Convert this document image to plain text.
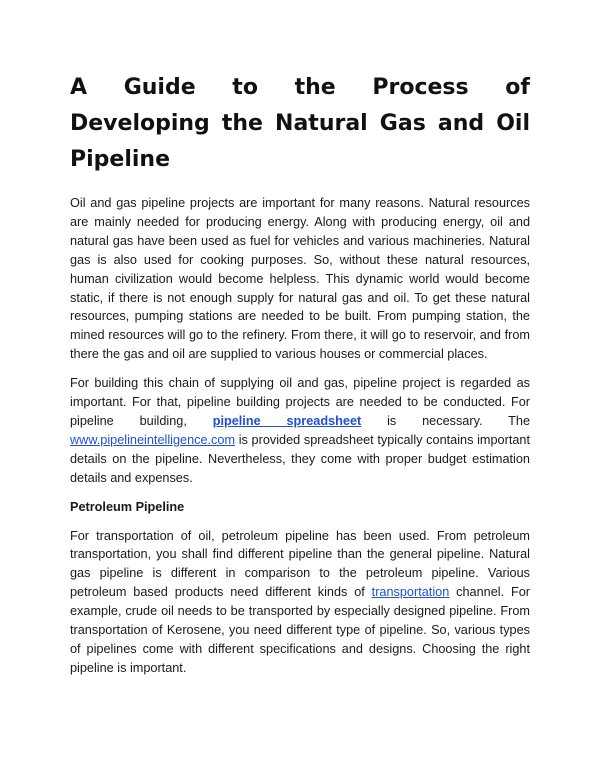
A Guide to the Process of Developing the Natural Gas and Oil Pipeline

Oil and gas pipeline projects are important for many reasons. Natural resources are mainly needed for producing energy. Along with producing energy, oil and natural gas have been used as fuel for vehicles and various machineries. Natural gas is also used for cooking purposes. So, without these natural resources, human civilization would become helpless. This dynamic world would become static, if there is not enough supply for natural gas and oil. To get these natural resources, pumping stations are needed to be built. From pumping station, the mined resources will go to the refinery. From there, it will go to reservoir, and from there the gas and oil are supplied to various houses or commercial places.

For building this chain of supplying oil and gas, pipeline project is regarded as important. For that, pipeline building projects are needed to be conducted. For pipeline building, pipeline spreadsheet is necessary. The www.pipelineintelligence.com is provided spreadsheet typically contains important details on the pipeline. Nevertheless, they come with proper budget estimation details and expenses.

Petroleum Pipeline

For transportation of oil, petroleum pipeline has been used. From petroleum transportation, you shall find different pipeline than the general pipeline. Natural gas pipeline is different in comparison to the petroleum pipeline. Various petroleum based products need different kinds of transportation channel. For example, crude oil needs to be transported by especially designed pipeline. From transportation of Kerosene, you need different type of pipeline. So, various types of pipelines come with different specifications and designs. Choosing the right pipeline is important.
